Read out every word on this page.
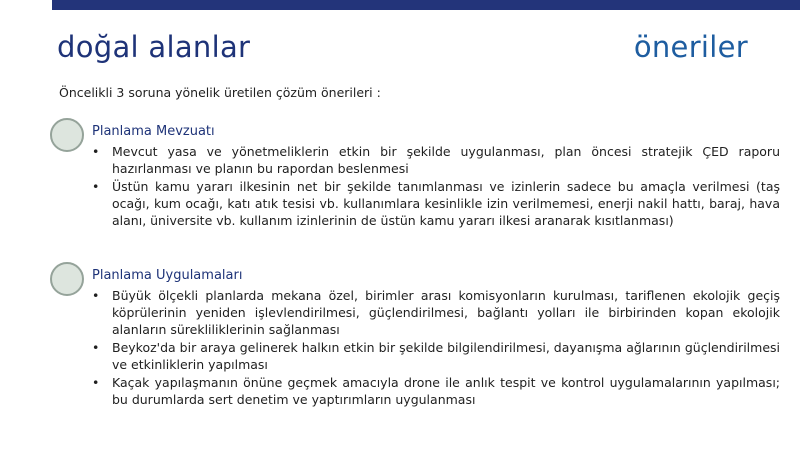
doğal alanlar	öneriler
Öncelikli 3 soruna yönelik üretilen çözüm önerileri :
Planlama Mevzuatı
• Mevcut yasa ve yönetmeliklerin etkin bir şekilde uygulanması, plan öncesi stratejik ÇED raporu hazırlanması ve planın bu rapordan beslenmesi
• Üstün kamu yararı ilkesinin net bir şekilde tanımlanması ve izinlerin sadece bu amaçla verilmesi (taş ocağı, kum ocağı, katı atık tesisi vb. kullanımlara kesinlikle izin verilmemesi, enerji nakil hattı, baraj, hava alanı, üniversite vb. kullanım izinlerinin de üstün kamu yararı ilkesi aranarak kısıtlanması)
Planlama Uygulamaları
• Büyük ölçekli planlarda mekana özel, birimler arası komisyonların kurulması, tariflenen ekolojik geçiş köprülerinin yeniden işlevlendirilmesi, güçlendirilmesi, bağlantı yolları ile birbirinden kopan ekolojik alanların sürekliliklerinin sağlanması
• Beykoz'da bir araya gelinerek halkın etkin bir şekilde bilgilendirilmesi, dayanışma ağlarının güçlendirilmesi ve etkinliklerin yapılması
• Kaçak yapılaşmanın önüne geçmek amacıyla drone ile anlık tespit ve kontrol uygulamalarının yapılması; bu durumlarda sert denetim ve yaptırımların uygulanması
